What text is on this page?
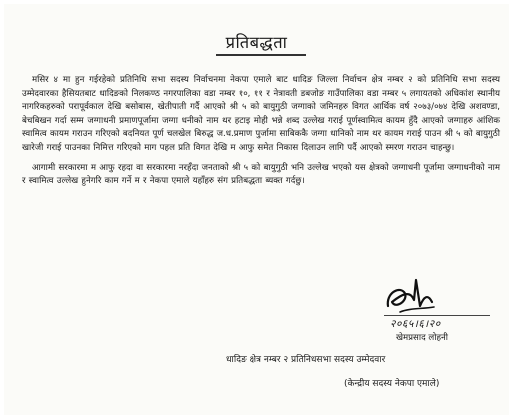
प्रतिबद्धता

मसिर ४ मा हुन गईरहेको प्रतिनिधि सभा सदस्य निर्वाचनमा नेकपा एमाले बाट धादिङ जिल्ला निर्वाचन क्षेत्र नम्बर २ को प्रतिनिधि सभा सदस्य उम्मेदवारका हैसियतबाट धादिङको निलकण्ठ नगरपालिका वडा नम्बर १०, ११ र नेत्रावती डबजोङ गाउँपालिका वडा नम्बर ५ लगायतको अधिकांश स्थानीय नागरिकहरुको परापूर्वकाल देखि बसोबास, खेतीपाती गर्दै आएको श्री ५ को बायुगुठी जग्गाको जमिनहरु विगत आर्थिक वर्ष २०७३/०७४ देखि अशवण्डा, बेचबिखन गर्दा सम्म जग्गाधनी प्रमाणपूर्जामा जग्गा धनीको नाम थर हटाइ मोही भन्ने शब्द उल्लेख गराई पूर्णस्वामित्व कायम हुँदै आएको जग्गाहरु आंशिक स्वामित्व कायम गराउन गरिएको बदनियत पूर्ण चलखेल बिरुद्ध ज.ध.प्रमाण पुर्जामा साबिककै जग्गा धानिको नाम थर कायम गराई पाउन श्री ५ को बायुगुठी खारेजी गराई पाउनका निमित्त गरिएको माग पहल प्रति विगत देखि म आफु समेत निकास दिलाउन लागि पर्दै आएको स्मरण गराउन चाहन्छु।

आगामी सरकारमा म आफु रहदा वा सरकारमा नरहँदा जनताको श्री ५ को बायुगुठी भनि उल्लेख भएको यस क्षेत्रको जग्गाधनी पूर्जामा जग्गाधनीको नाम र स्वामित्व उल्लेख हुनेगरि काम गर्ने म र नेकपा एमाले यहाँहरु संग प्रतिबद्धता ब्यक्त गर्दछु।

२०६५।६।२०
खेमप्रसाद लोहनी
धादिङ क्षेत्र नम्बर २ प्रतिनिधसभा सदस्य उम्मेदवार
(केन्द्रीय सदस्य नेकपा एमाले)
